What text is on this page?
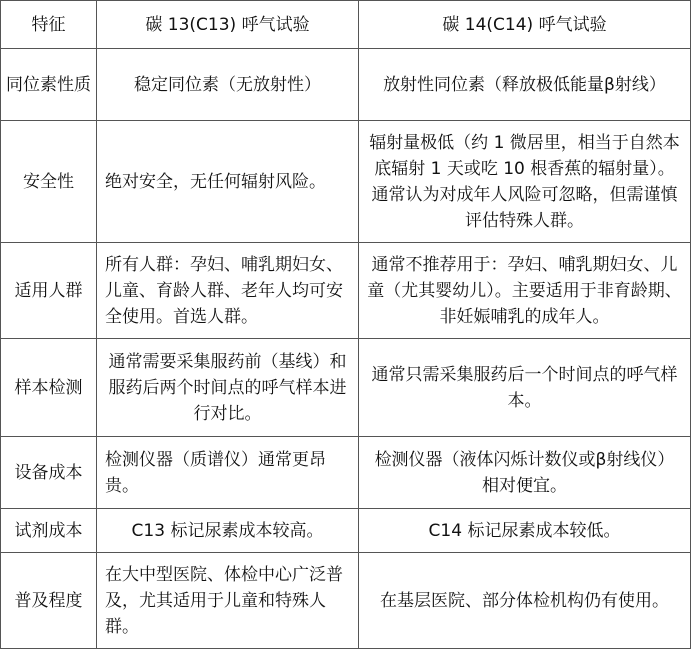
特征	碳 13(C13) 呼气试验	碳 14(C14) 呼气试验
同位素性质	稳定同位素（无放射性）	放射性同位素（释放极低能量β射线）
安全性	绝对安全，无任何辐射风险。	辐射量极低（约 1 微居里，相当于自然本底辐射 1 天或吃 10 根香蕉的辐射量）。通常认为对成年人风险可忽略，但需谨慎评估特殊人群。
适用人群	所有人群：孕妇、哺乳期妇女、儿童、育龄人群、老年人均可安全使用。首选人群。	通常不推荐用于：孕妇、哺乳期妇女、儿童（尤其婴幼儿）。主要适用于非育龄期、非妊娠哺乳的成年人。
样本检测	通常需要采集服药前（基线）和服药后两个时间点的呼气样本进行对比。	通常只需采集服药后一个时间点的呼气样本。
设备成本	检测仪器（质谱仪）通常更昂贵。	检测仪器（液体闪烁计数仪或β射线仪）相对便宜。
试剂成本	C13 标记尿素成本较高。	C14 标记尿素成本较低。
普及程度	在大中型医院、体检中心广泛普及，尤其适用于儿童和特殊人群。	在基层医院、部分体检机构仍有使用。
